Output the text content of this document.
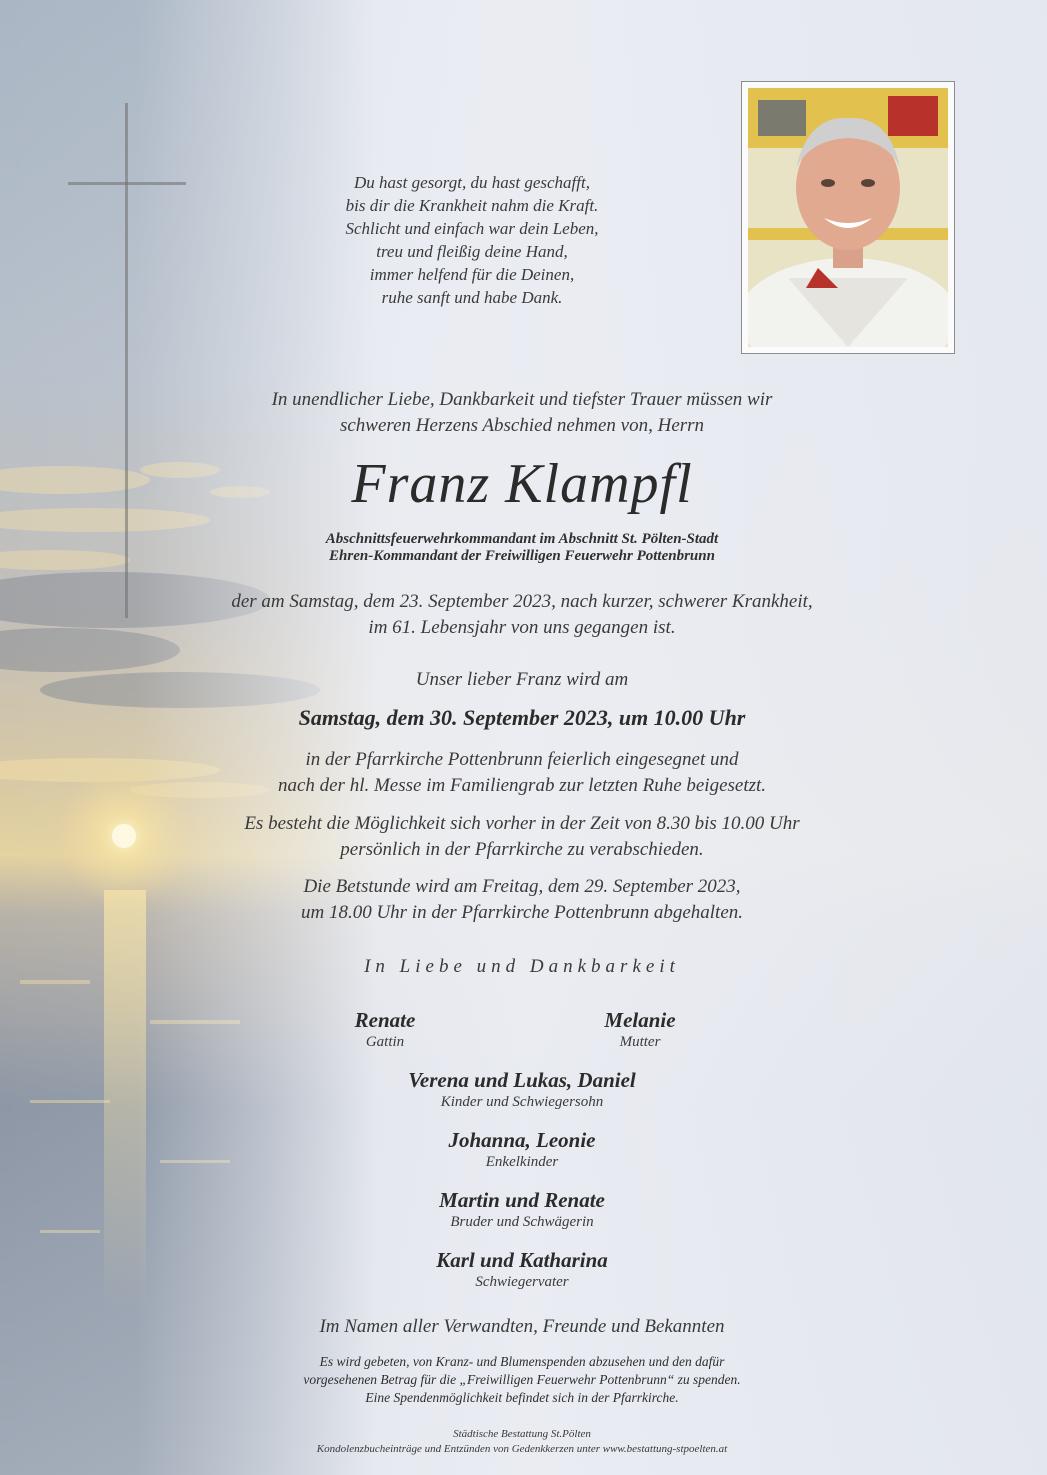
Du hast gesorgt, du hast geschafft,
bis dir die Krankheit nahm die Kraft.
Schlicht und einfach war dein Leben,
treu und fleißig deine Hand,
immer helfend für die Deinen,
ruhe sanft und habe Dank.
In unendlicher Liebe, Dankbarkeit und tiefster Trauer müssen wir
schweren Herzens Abschied nehmen von, Herrn
Franz Klampfl
Abschnittsfeuerwehrkommandant im Abschnitt St. Pölten-Stadt
Ehren-Kommandant der Freiwilligen Feuerwehr Pottenbrunn
der am Samstag, dem 23. September 2023, nach kurzer, schwerer Krankheit,
im 61. Lebensjahr von uns gegangen ist.
Unser lieber Franz wird am
Samstag, dem 30. September 2023, um 10.00 Uhr
in der Pfarrkirche Pottenbrunn feierlich eingesegnet und
nach der hl. Messe im Familiengrab zur letzten Ruhe beigesetzt.
Es besteht die Möglichkeit sich vorher in der Zeit von 8.30 bis 10.00 Uhr
persönlich in der Pfarrkirche zu verabschieden.
Die Betstunde wird am Freitag, dem 29. September 2023,
um 18.00 Uhr in der Pfarrkirche Pottenbrunn abgehalten.
In Liebe und Dankbarkeit
Renate
Gattin
Melanie
Mutter
Verena und Lukas, Daniel
Kinder und Schwiegersohn
Johanna, Leonie
Enkelkinder
Martin und Renate
Bruder und Schwägerin
Karl und Katharina
Schwiegervater
Im Namen aller Verwandten, Freunde und Bekannten
Es wird gebeten, von Kranz- und Blumenspenden abzusehen und den dafür
vorgesehenen Betrag für die „Freiwilligen Feuerwehr Pottenbrunn“ zu spenden.
Eine Spendenmöglichkeit befindet sich in der Pfarrkirche.
Städtische Bestattung St.Pölten
Kondolenzbucheinträge und Entzünden von Gedenkkerzen unter www.bestattung-stpoelten.at
